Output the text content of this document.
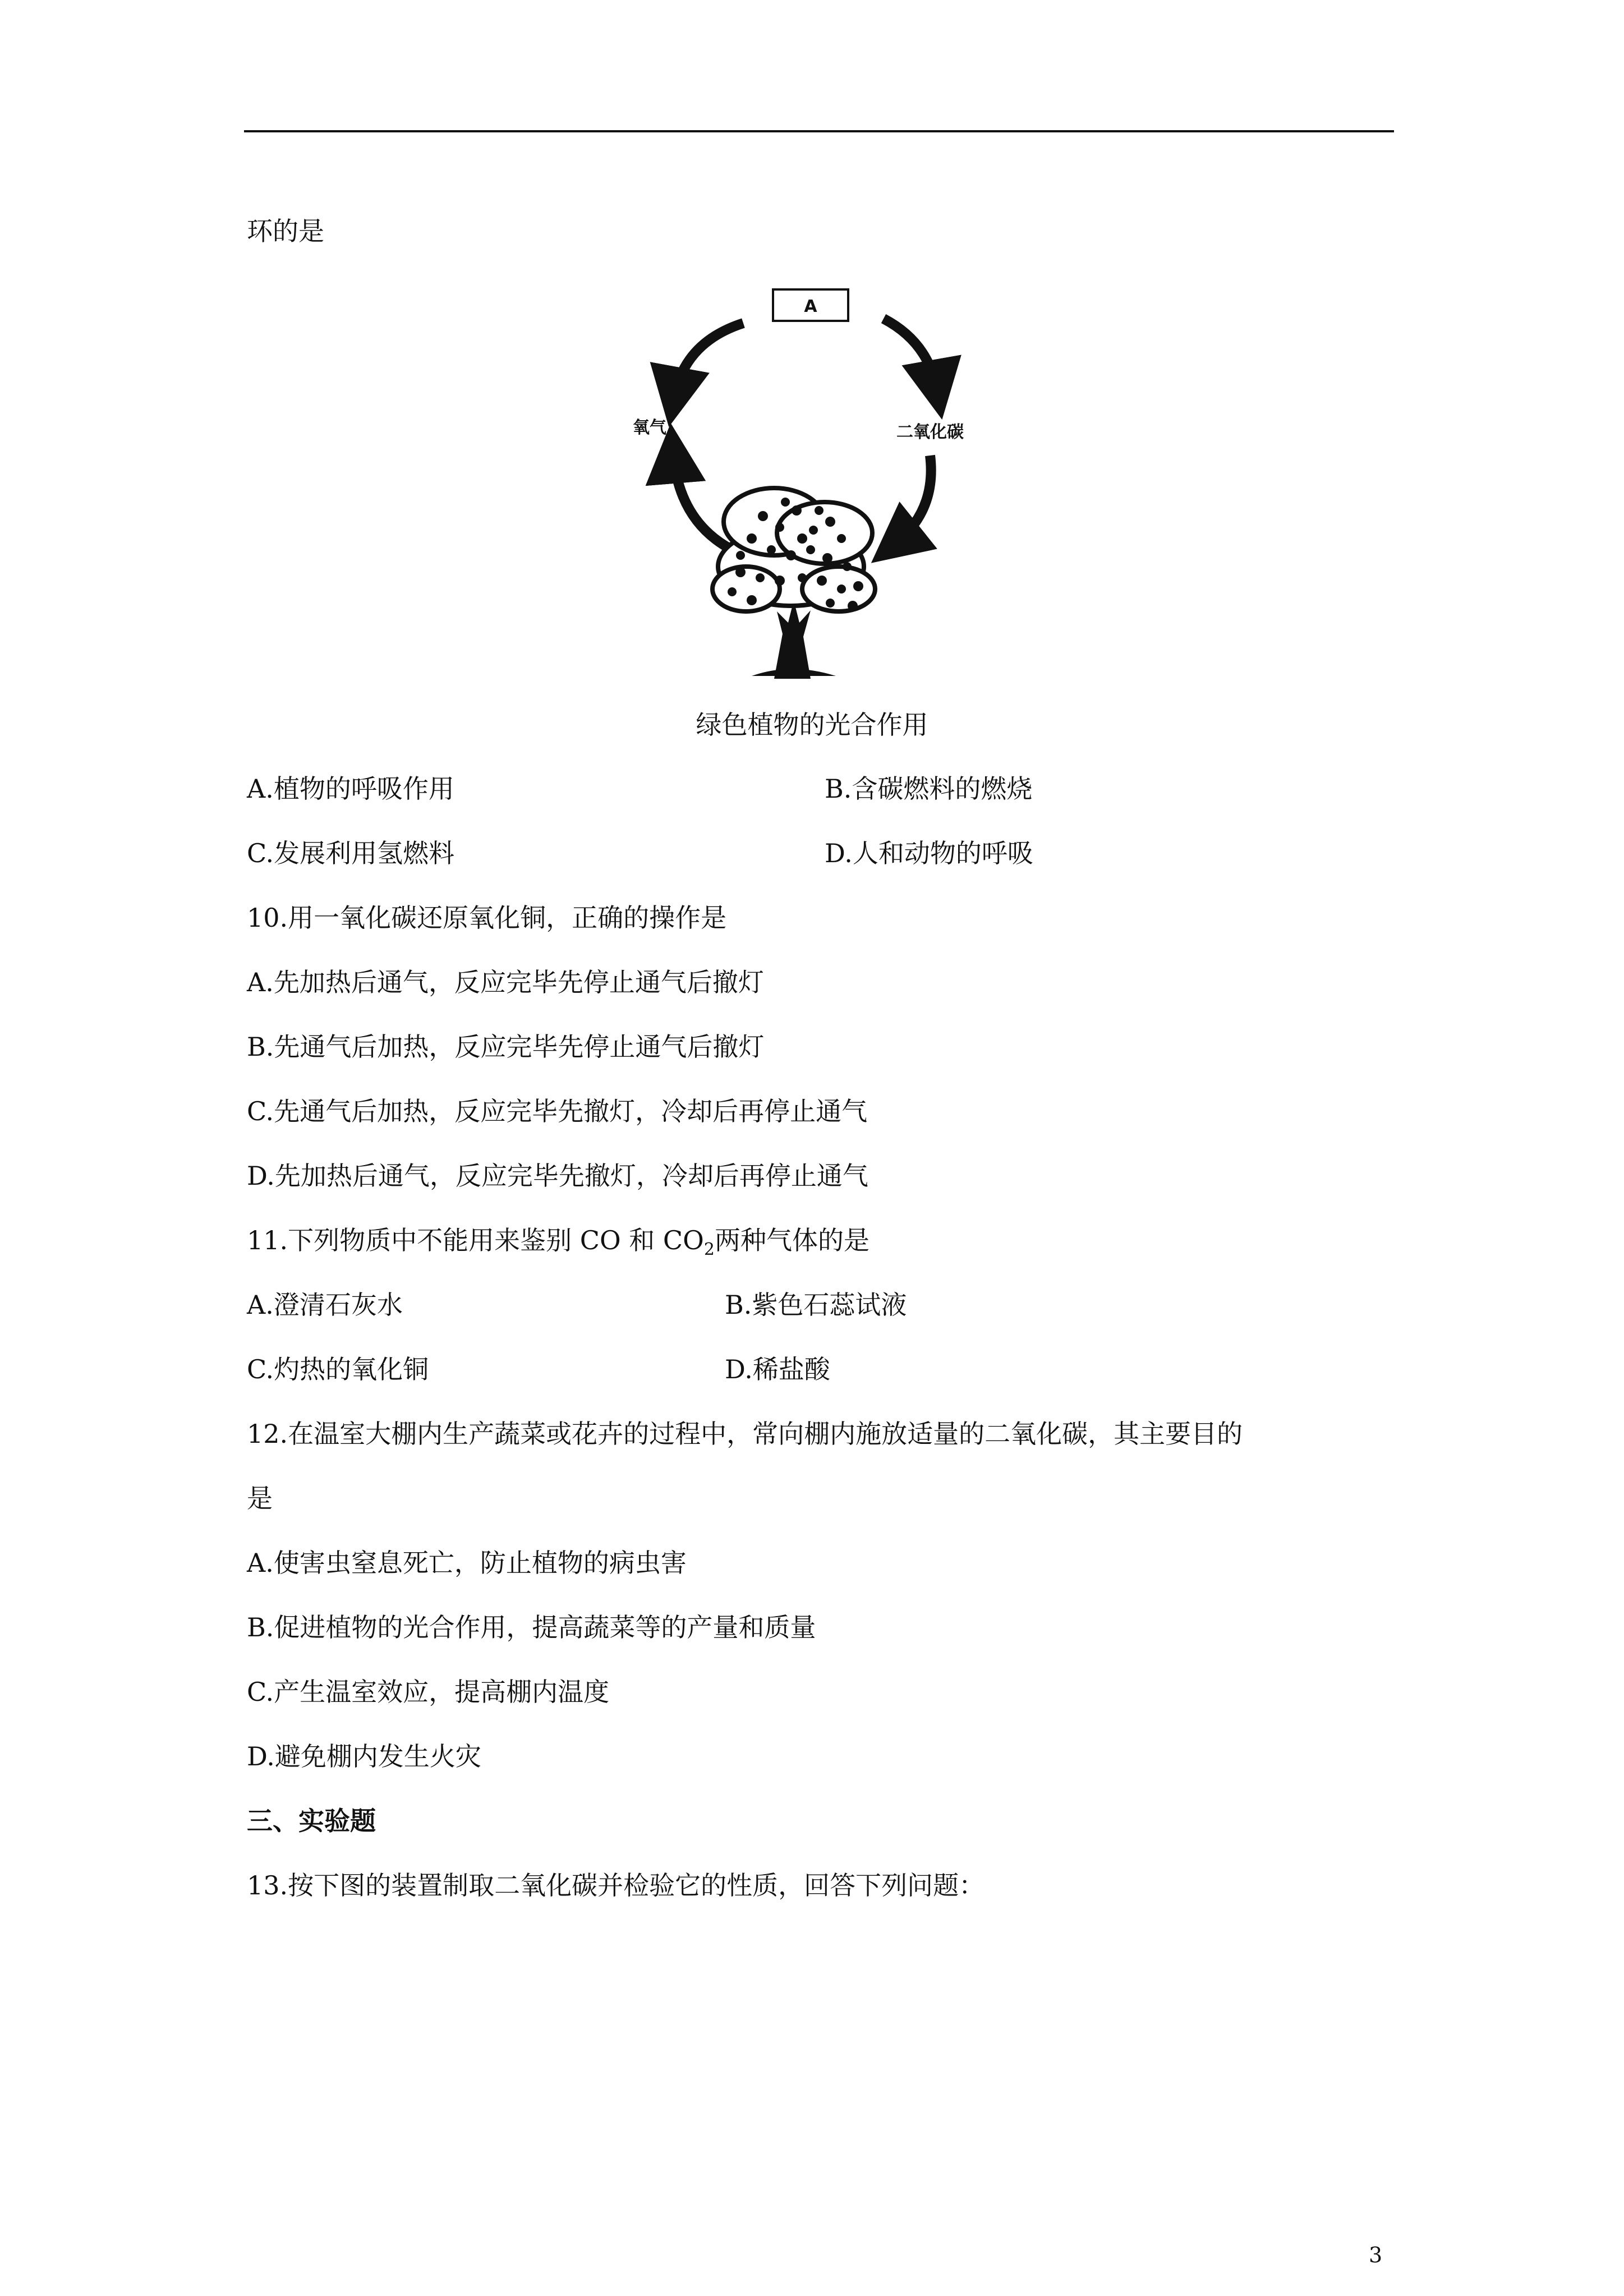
环的是
A
氧气	二氧化碳
绿色植物的光合作用
A.植物的呼吸作用	B.含碳燃料的燃烧
C.发展利用氢燃料	D.人和动物的呼吸
10.用一氧化碳还原氧化铜，正确的操作是
A.先加热后通气，反应完毕先停止通气后撤灯
B.先通气后加热，反应完毕先停止通气后撤灯
C.先通气后加热，反应完毕先撤灯，冷却后再停止通气
D.先加热后通气，反应完毕先撤灯，冷却后再停止通气
11.下列物质中不能用来鉴别 CO 和 $CO_2$两种气体的是
A.澄清石灰水	B.紫色石蕊试液
C.灼热的氧化铜	D.稀盐酸
12.在温室大棚内生产蔬菜或花卉的过程中，常向棚内施放适量的二氧化碳，其主要目的
是
A.使害虫窒息死亡，防止植物的病虫害
B.促进植物的光合作用，提高蔬菜等的产量和质量
C.产生温室效应，提高棚内温度
D.避免棚内发生火灾
三、实验题
13.按下图的装置制取二氧化碳并检验它的性质，回答下列问题：
3
